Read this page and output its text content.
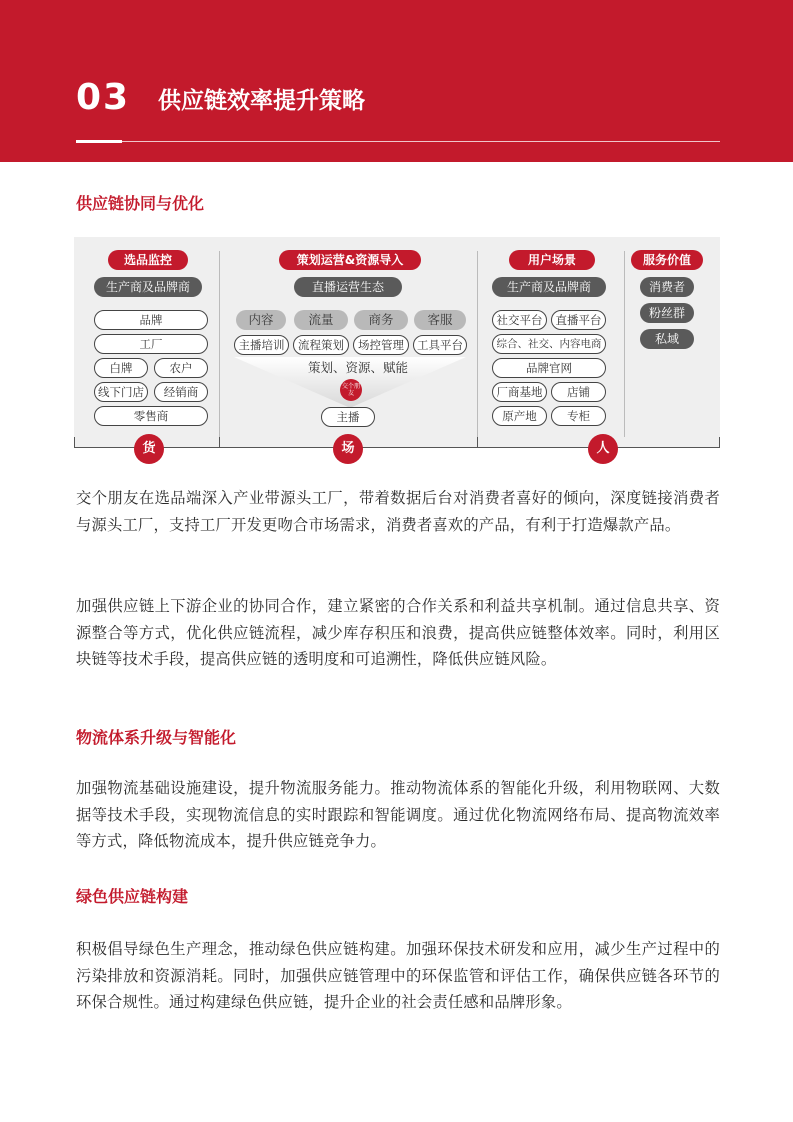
03 供应链效率提升策略
供应链协同与优化
选品监控
生产商及品牌商
品牌
工厂
白牌	农户
线下门店	经销商
零售商
策划运营&资源导入
直播运营生态
内容	流量	商务	客服
主播培训	流程策划	场控管理	工具平台
策划、资源、赋能
交个朋友
主播
用户场景
生产商及品牌商
社交平台	直播平台
综合、社交、内容电商
品牌官网
厂商基地	店铺
原产地	专柜
服务价值
消费者
粉丝群
私域
货	场	人
交个朋友在选品端深入产业带源头工厂，带着数据后台对消费者喜好的倾向，深度链接消费者与源头工厂，支持工厂开发更吻合市场需求，消费者喜欢的产品，有利于打造爆款产品。
加强供应链上下游企业的协同合作，建立紧密的合作关系和利益共享机制。通过信息共享、资源整合等方式，优化供应链流程，减少库存积压和浪费，提高供应链整体效率。同时，利用区块链等技术手段，提高供应链的透明度和可追溯性，降低供应链风险。
物流体系升级与智能化
加强物流基础设施建设，提升物流服务能力。推动物流体系的智能化升级，利用物联网、大数据等技术手段，实现物流信息的实时跟踪和智能调度。通过优化物流网络布局、提高物流效率等方式，降低物流成本，提升供应链竞争力。
绿色供应链构建
积极倡导绿色生产理念，推动绿色供应链构建。加强环保技术研发和应用，减少生产过程中的污染排放和资源消耗。同时，加强供应链管理中的环保监管和评估工作，确保供应链各环节的环保合规性。通过构建绿色供应链，提升企业的社会责任感和品牌形象。
